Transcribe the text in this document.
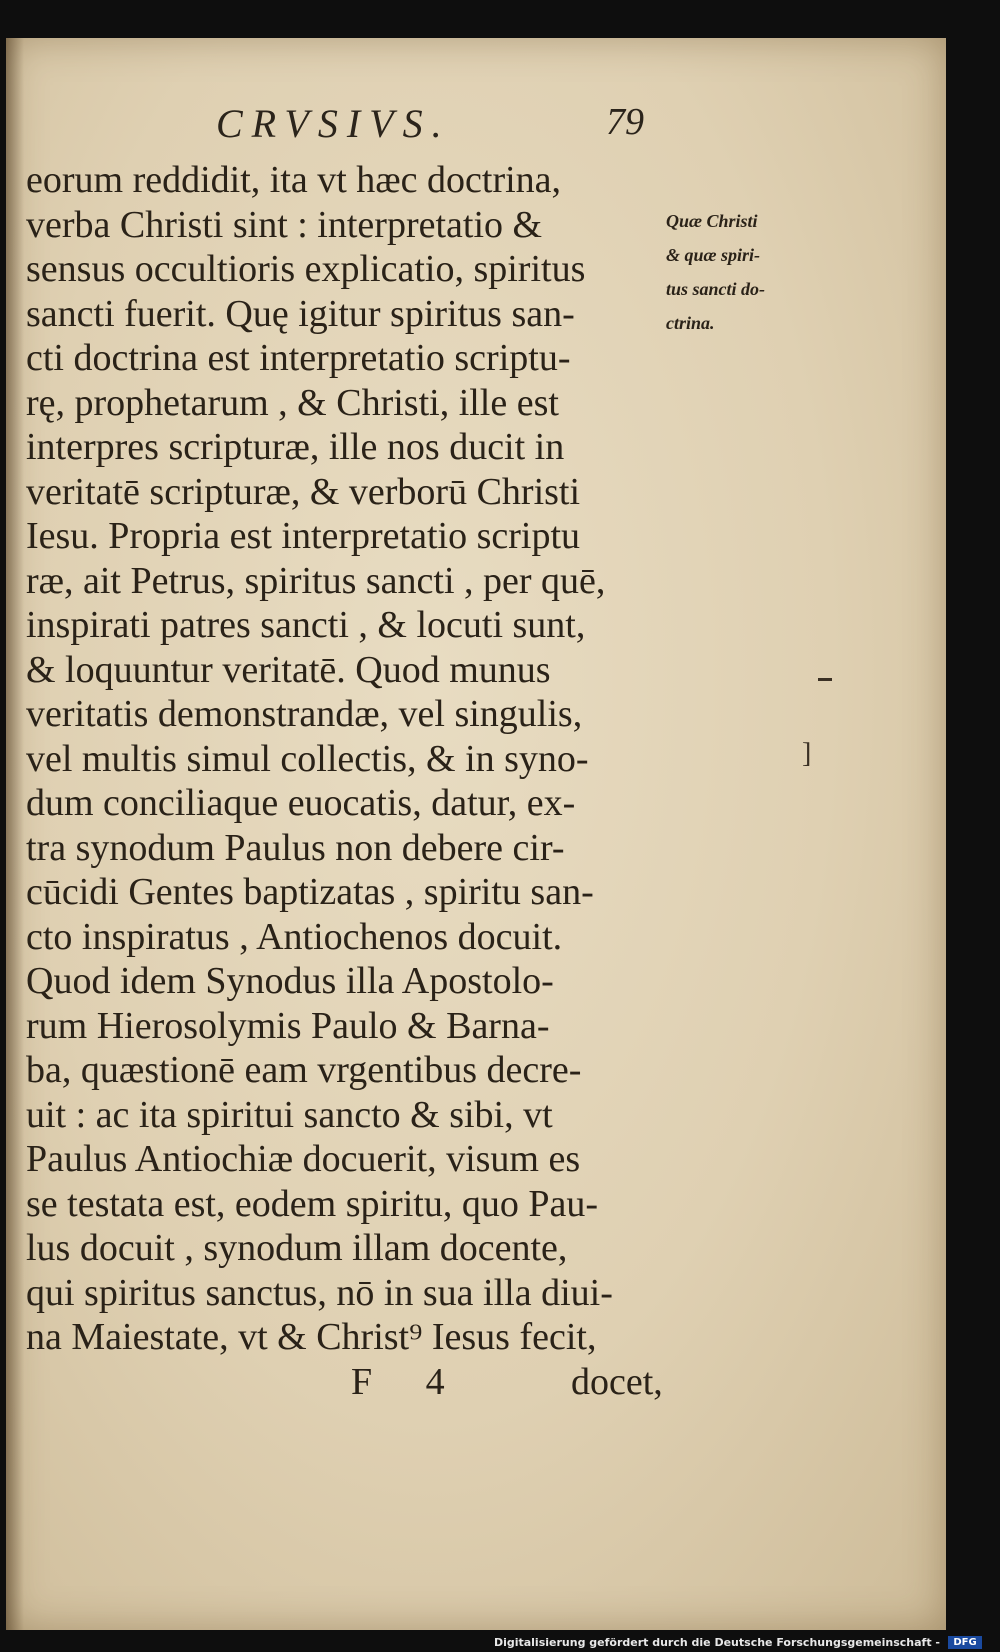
CRVSIVS.	79
eorum reddidit, ita vt hæc doctrina,
verba Christi sint : interpretatio &
sensus occultioris explicatio, spiritus
sancti fuerit. Quę igitur spiritus san-
cti doctrina est interpretatio scriptu-
rę, prophetarum , & Christi, ille est
interpres scripturæ, ille nos ducit in
veritatē scripturæ, & verborū Christi
Iesu. Propria est interpretatio scriptu
ræ, ait Petrus, spiritus sancti , per quē,
inspirati patres sancti , & locuti sunt,
& loquuntur veritatē. Quod munus
veritatis demonstrandæ, vel singulis,
vel multis simul collectis, & in syno-
dum conciliaque euocatis, datur, ex-
tra synodum Paulus non debere cir-
cūcidi Gentes baptizatas , spiritu san-
cto inspiratus , Antiochenos docuit.
Quod idem Synodus illa Apostolo-
rum Hierosolymis Paulo & Barna-
ba, quæstionē eam vrgentibus decre-
uit : ac ita spiritui sancto & sibi, vt
Paulus Antiochiæ docuerit, visum es
se testata est, eodem spiritu, quo Pau-
lus docuit , synodum illam docente,
qui spiritus sanctus, nō in sua illa diui-
na Maiestate, vt & Christ⁹ Iesus fecit,
Quæ Christi
& quæ spiri-
tus sancti do-
ctrina.
]
F 4	docet,
Digitalisierung gefördert durch die Deutsche Forschungsgemeinschaft -	DFG
